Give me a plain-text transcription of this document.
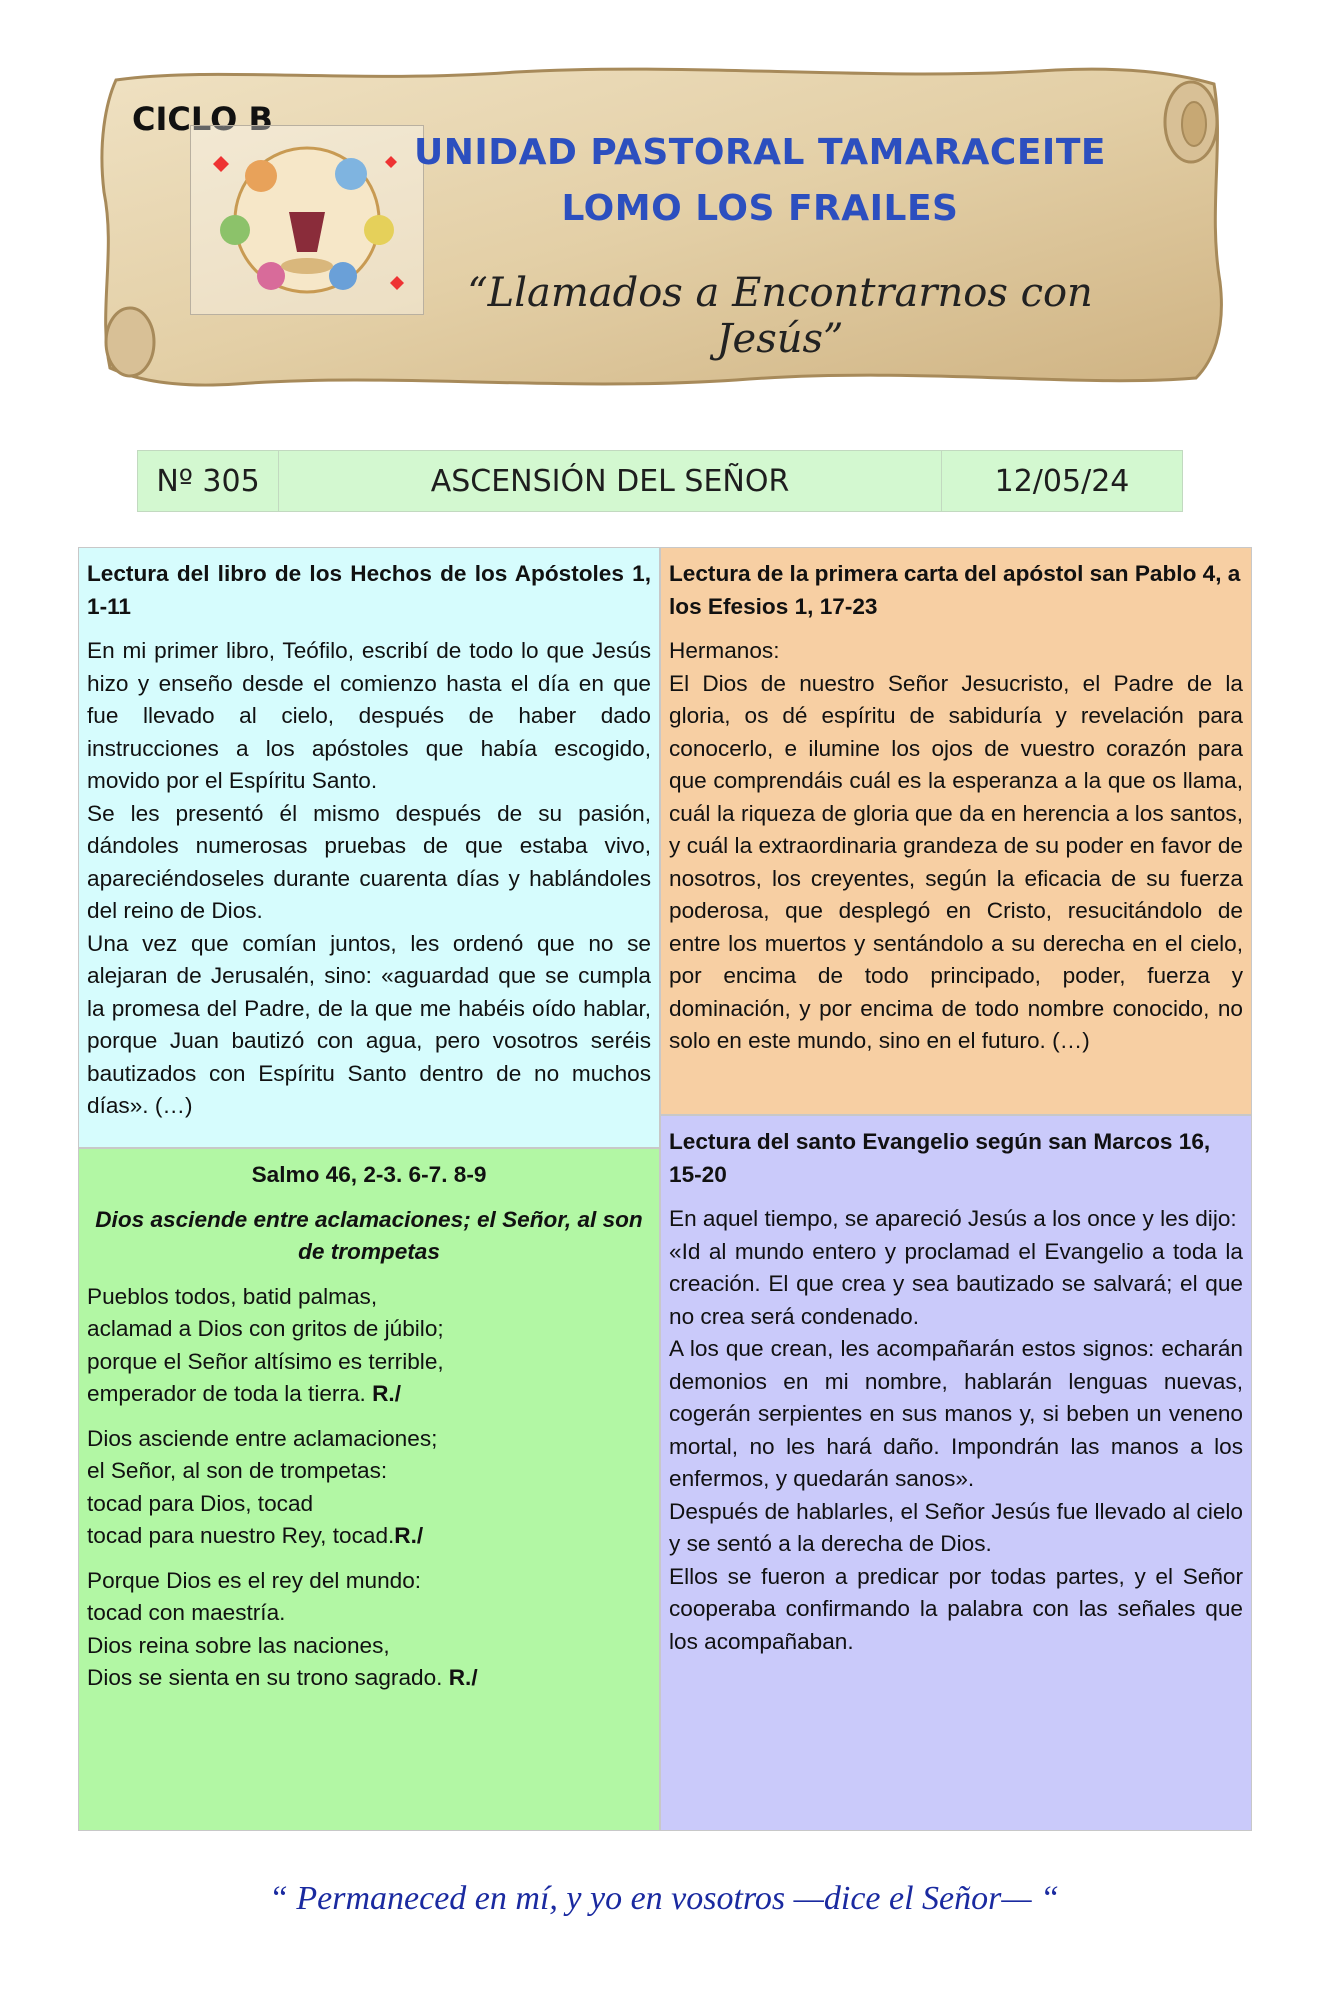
CICLO B
UNIDAD PASTORAL TAMARACEITE
LOMO LOS FRAILES
“Llamados a Encontrarnos con Jesús”
Nº 305	ASCENSIÓN DEL SEÑOR	12/05/24

Lectura del libro de los Hechos de los Apóstoles 1, 1-11

En mi primer libro, Teófilo, escribí de todo lo que Jesús hizo y enseño desde el comienzo hasta el día en que fue llevado al cielo, después de haber dado instrucciones a los apóstoles que había escogido, movido por el Espíritu Santo.

Se les presentó él mismo después de su pasión, dándoles numerosas pruebas de que estaba vivo, apareciéndoseles durante cuarenta días y hablándoles del reino de Dios.

Una vez que comían juntos, les ordenó que no se alejaran de Jerusalén, sino: «aguardad que se cumpla la promesa del Padre, de la que me habéis oído hablar, porque Juan bautizó con agua, pero vosotros seréis bautizados con Espíritu Santo dentro de no muchos días». (…)

Lectura de la primera carta del apóstol san Pablo 4, a los Efesios 1, 17-23

Hermanos:

El Dios de nuestro Señor Jesucristo, el Padre de la gloria, os dé espíritu de sabiduría y revelación para conocerlo, e ilumine los ojos de vuestro corazón para que comprendáis cuál es la esperanza a la que os llama, cuál la riqueza de gloria que da en herencia a los santos, y cuál la extraordinaria grandeza de su poder en favor de nosotros, los creyentes, según la eficacia de su fuerza poderosa, que desplegó en Cristo, resucitándolo de entre los muertos y sentándolo a su derecha en el cielo, por encima de todo principado, poder, fuerza y dominación, y por encima de todo nombre conocido, no solo en este mundo, sino en el futuro. (…)

Salmo 46, 2-3. 6-7. 8-9

Dios asciende entre aclamaciones; el Señor, al son de trompetas

Pueblos todos, batid palmas,
aclamad a Dios con gritos de júbilo;
porque el Señor altísimo es terrible,
emperador de toda la tierra. R./

Dios asciende entre aclamaciones;
el Señor, al son de trompetas:
tocad para Dios, tocad
tocad para nuestro Rey, tocad.R./

Porque Dios es el rey del mundo:
tocad con maestría.
Dios reina sobre las naciones,
Dios se sienta en su trono sagrado. R./

Lectura del santo Evangelio según san Marcos 16, 15-20

En aquel tiempo, se apareció Jesús a los once y les dijo:

«Id al mundo entero y proclamad el Evangelio a toda la creación. El que crea y sea bautizado se salvará; el que no crea será condenado.

A los que crean, les acompañarán estos signos: echarán demonios en mi nombre, hablarán lenguas nuevas, cogerán serpientes en sus manos y, si beben un veneno mortal, no les hará daño. Impondrán las manos a los enfermos, y quedarán sanos».

Después de hablarles, el Señor Jesús fue llevado al cielo y se sentó a la derecha de Dios.

Ellos se fueron a predicar por todas partes, y el Señor cooperaba confirmando la palabra con las señales que los acompañaban.

“ Permaneced en mí, y yo en vosotros —dice el Señor— “
